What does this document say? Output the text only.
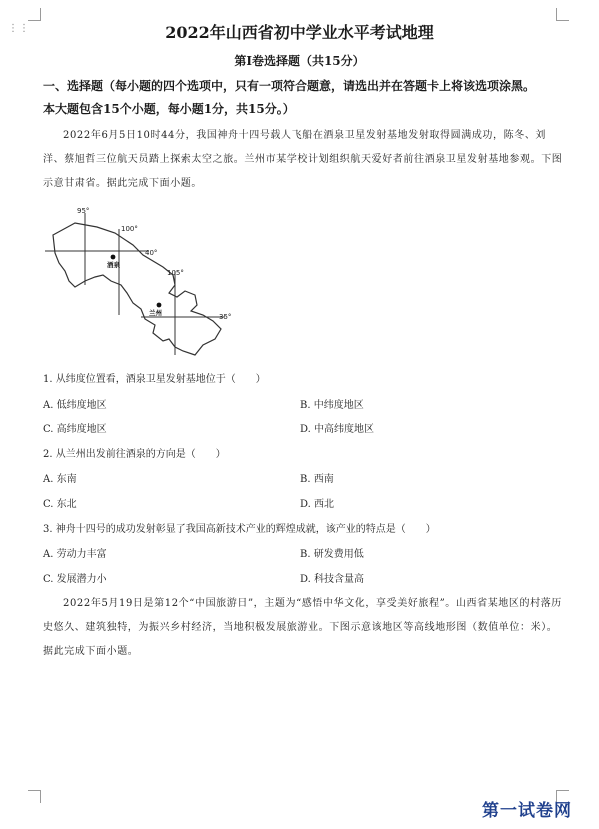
⋮⋮	2022年山西省初中学业水平考试地理
第Ⅰ卷选择题（共15分）
一、选择题（每小题的四个选项中，只有一项符合题意，请选出并在答题卡上将该选项涂黑。
本大题包含15个小题，每小题1分，共15分。）
2022年6月5日10时44分，我国神舟十四号载人飞船在酒泉卫星发射基地发射取得圆满成功，陈冬、刘洋、蔡旭哲三位航天员踏上探索太空之旅。兰州市某学校计划组织航天爱好者前往酒泉卫星发射基地参观。下图示意甘肃省。据此完成下面小题。
95°
100°
105°
40°
35°
酒泉
兰州
1. 从纬度位置看，酒泉卫星发射基地位于（　　）
A. 低纬度地区	B. 中纬度地区
C. 高纬度地区	D. 中高纬度地区
2. 从兰州出发前往酒泉的方向是（　　）
A. 东南	B. 西南
C. 东北	D. 西北
3. 神舟十四号的成功发射彰显了我国高新技术产业的辉煌成就，该产业的特点是（　　）
A. 劳动力丰富	B. 研发费用低
C. 发展潜力小	D. 科技含量高
2022年5月19日是第12个“中国旅游日”，主题为“感悟中华文化，享受美好旅程”。山西省某地区的村落历史悠久、建筑独特，为振兴乡村经济，当地积极发展旅游业。下图示意该地区等高线地形图（数值单位：米）。据此完成下面小题。
第一试卷网
